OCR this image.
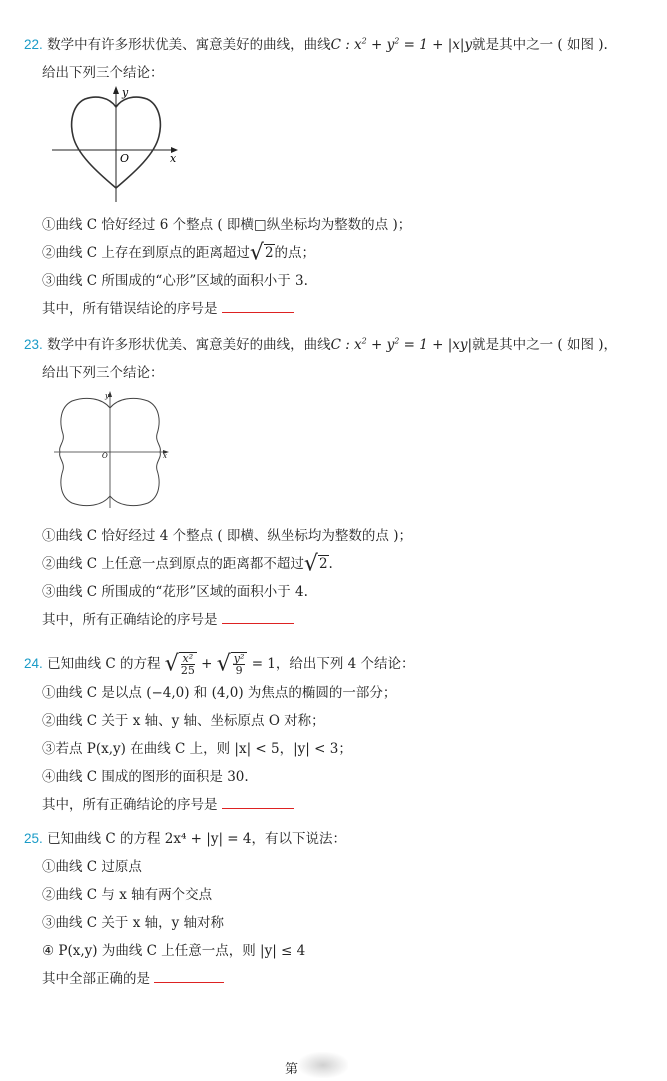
22. 数学中有许多形状优美、寓意美好的曲线，曲线C : $x^2 + y^2 = 1 + |x|y$就是其中之一 ( 如图 ).
给出下列三个结论：
x
y
O
①曲线 C 恰好经过 6 个整点 ( 即横□纵坐标均为整数的点 )；
②曲线 C 上存在到原点的距离超过√2的点；
③曲线 C 所围成的“心形”区域的面积小于 3.
其中，所有错误结论的序号是
23. 数学中有许多形状优美、寓意美好的曲线，曲线C : $x^2 + y^2 = 1 + |xy|$就是其中之一 ( 如图 )，
给出下列三个结论：
x
y
O
①曲线 C 恰好经过 4 个整点 ( 即横、纵坐标均为整数的点 )；
②曲线 C 上任意一点到原点的距离都不超过√2.
③曲线 C 所围成的“花形”区域的面积小于 4.
其中，所有正确结论的序号是
24. 已知曲线 C 的方程 √ $\frac{\text{x²}}{25}$ + √ $\frac{\text{y²}}{9} = 1$，给出下列 4 个结论：
①曲线 C 是以点 (−4,0) 和 (4,0) 为焦点的椭圆的一部分；
②曲线 C 关于 x 轴、y 轴、坐标原点 O 对称；
③若点 P(x,y) 在曲线 C 上，则 |x| < 5，|y| < 3；
④曲线 C 围成的图形的面积是 30.
其中，所有正确结论的序号是
25. 已知曲线 C 的方程 2x⁴ + |y| = 4，有以下说法：
①曲线 C 过原点
②曲线 C 与 x 轴有两个交点
③曲线 C 关于 x 轴，y 轴对称
④ P(x,y) 为曲线 C 上任意一点，则 |y| ≤ 4
其中全部正确的是
第
